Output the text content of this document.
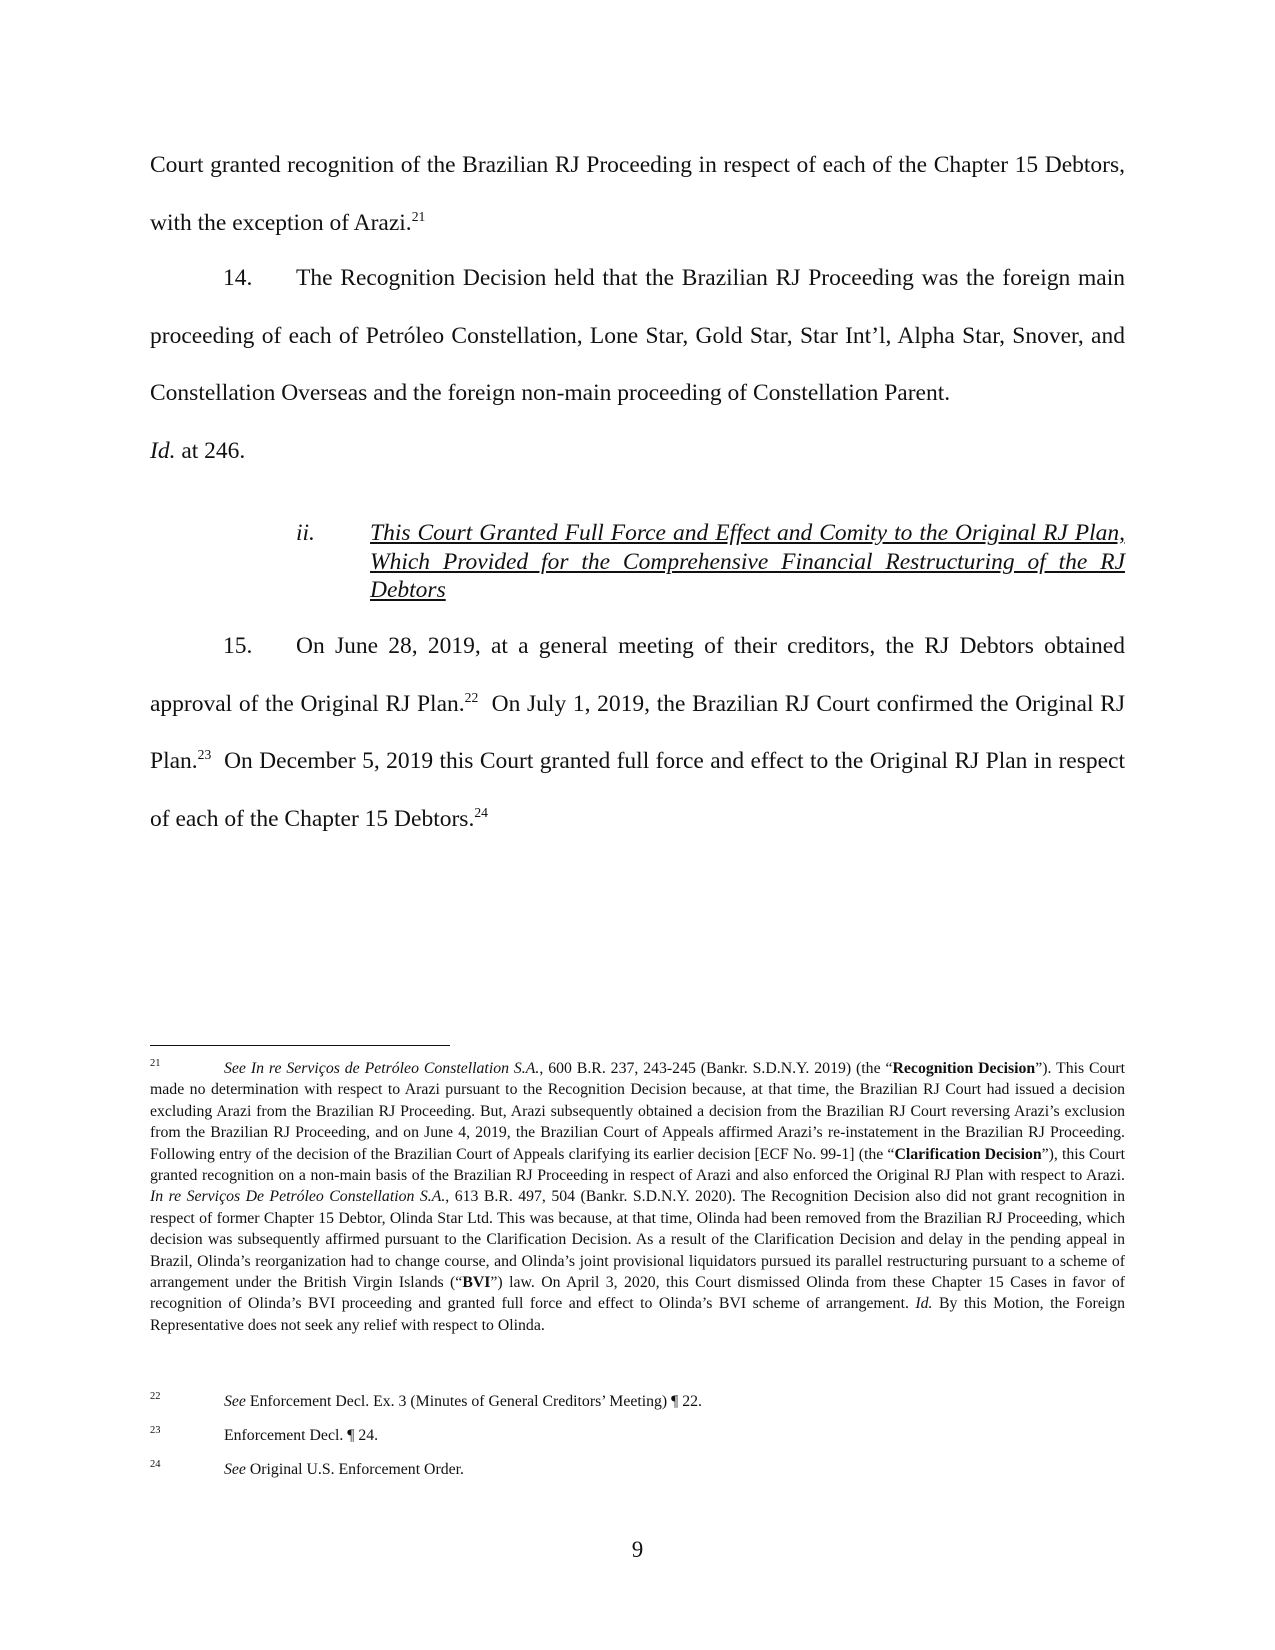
Court granted recognition of the Brazilian RJ Proceeding in respect of each of the Chapter 15 Debtors, with the exception of Arazi.$^{21}$

14. The Recognition Decision held that the Brazilian RJ Proceeding was the foreign main proceeding of each of Petróleo Constellation, Lone Star, Gold Star, Star Int’l, Alpha Star, Snover, and Constellation Overseas and the foreign non-main proceeding of Constellation Parent.
Id. at 246.

ii. This Court Granted Full Force and Effect and Comity to the Original RJ Plan, Which Provided for the Comprehensive Financial Restructuring of the RJ Debtors

15. On June 28, 2019, at a general meeting of their creditors, the RJ Debtors obtained approval of the Original RJ Plan.$^{22}$ On July 1, 2019, the Brazilian RJ Court confirmed the Original RJ Plan.$^{23}$ On December 5, 2019 this Court granted full force and effect to the Original RJ Plan in respect of each of the Chapter 15 Debtors.$^{24}$

21	See In re Serviços de Petróleo Constellation S.A., 600 B.R. 237, 243-245 (Bankr. S.D.N.Y. 2019) (the “Recognition Decision”). This Court made no determination with respect to Arazi pursuant to the Recognition Decision because, at that time, the Brazilian RJ Court had issued a decision excluding Arazi from the Brazilian RJ Proceeding. But, Arazi subsequently obtained a decision from the Brazilian RJ Court reversing Arazi’s exclusion from the Brazilian RJ Proceeding, and on June 4, 2019, the Brazilian Court of Appeals affirmed Arazi’s re-instatement in the Brazilian RJ Proceeding. Following entry of the decision of the Brazilian Court of Appeals clarifying its earlier decision [ECF No. 99-1] (the “Clarification Decision”), this Court granted recognition on a non-main basis of the Brazilian RJ Proceeding in respect of Arazi and also enforced the Original RJ Plan with respect to Arazi. In re Serviços De Petróleo Constellation S.A., 613 B.R. 497, 504 (Bankr. S.D.N.Y. 2020). The Recognition Decision also did not grant recognition in respect of former Chapter 15 Debtor, Olinda Star Ltd. This was because, at that time, Olinda had been removed from the Brazilian RJ Proceeding, which decision was subsequently affirmed pursuant to the Clarification Decision. As a result of the Clarification Decision and delay in the pending appeal in Brazil, Olinda’s reorganization had to change course, and Olinda’s joint provisional liquidators pursued its parallel restructuring pursuant to a scheme of arrangement under the British Virgin Islands (“BVI”) law. On April 3, 2020, this Court dismissed Olinda from these Chapter 15 Cases in favor of recognition of Olinda’s BVI proceeding and granted full force and effect to Olinda’s BVI scheme of arrangement. Id. By this Motion, the Foreign Representative does not seek any relief with respect to Olinda.

22	See Enforcement Decl. Ex. 3 (Minutes of General Creditors’ Meeting) ¶ 22.

23	Enforcement Decl. ¶ 24.

24	See Original U.S. Enforcement Order.

9
